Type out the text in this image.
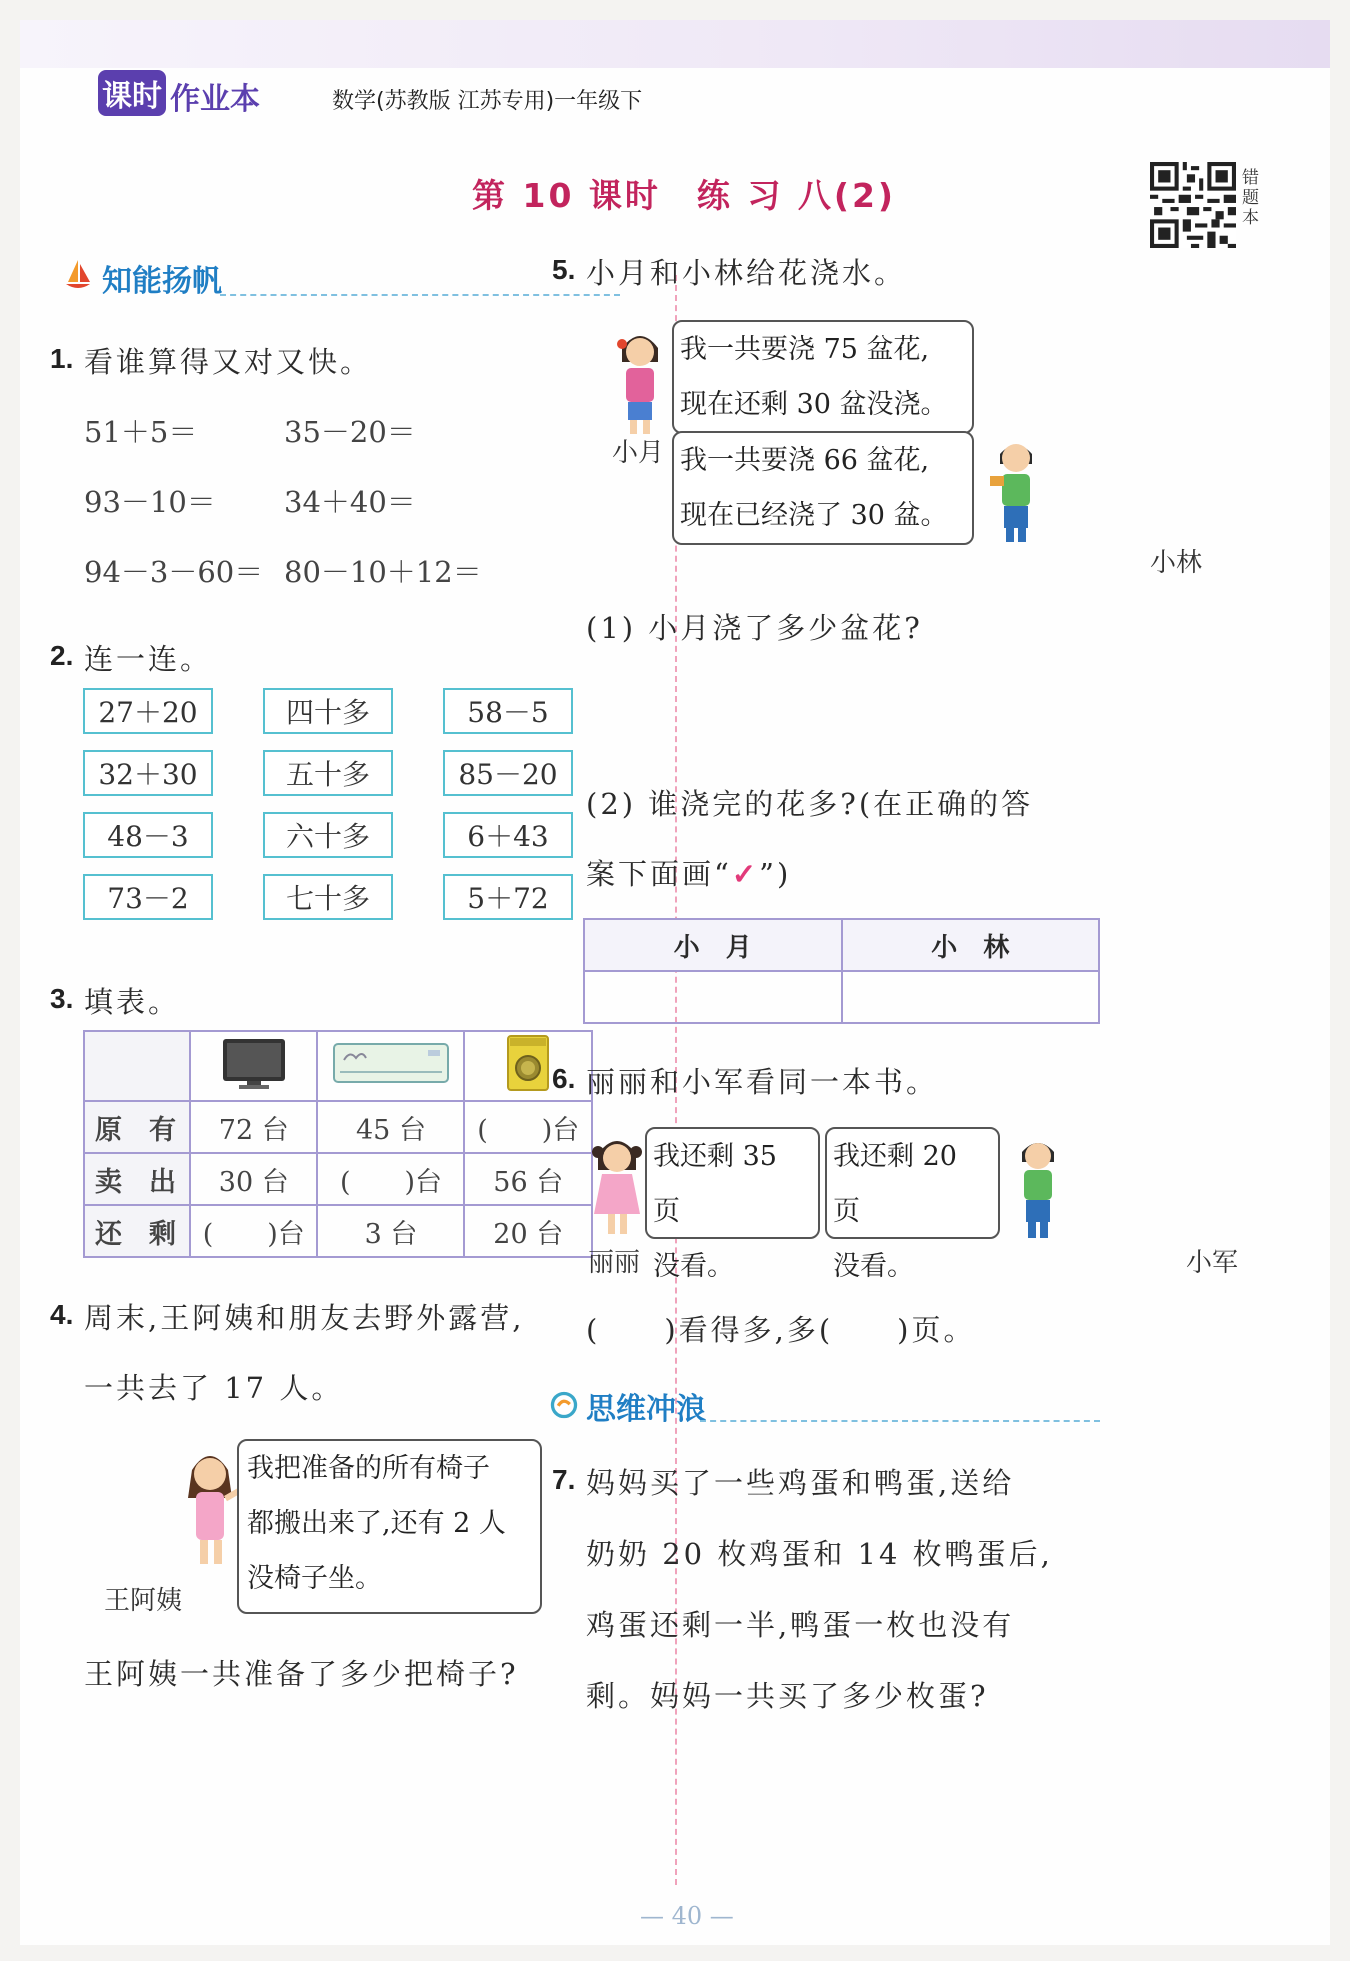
课时 作业本	数学(苏教版 江苏专用)一年级下
第 10 课时　练 习 八(2)	错
题
本
知能扬帆
1. 看谁算得又对又快。
51＋5＝	35－20＝
93－10＝ 34＋40＝
94－3－60＝ 80－10＋12＝
2. 连一连。
27＋20
32＋30
48－3
73－2
四十多
五十多
六十多
七十多
58－5
85－20
6＋43
5＋72
3. 填表。

原　有	72 台	45 台	(　　)台
卖　出	30 台	(　　)台	56 台
还　剩	(　　)台	3 台	20 台
4. 周末,王阿姨和朋友去野外露营,
一共去了 17 人。
我把准备的所有椅子
都搬出来了,还有 2 人
没椅子坐。
王阿姨
王阿姨一共准备了多少把椅子?
5. 小月和小林给花浇水。
我一共要浇 75 盆花,
现在还剩 30 盆没浇。
小月 我一共要浇 66 盆花,
现在已经浇了 30 盆。
小林
(1) 小月浇了多少盆花?
(2) 谁浇完的花多?(在正确的答
案下面画“✓”)
小　月	小　林

6. 丽丽和小军看同一本书。
我还剩 35 页
没看。
我还剩 20 页
没看。
丽丽	小军
(　　)看得多,多(　　)页。
思维冲浪
7. 妈妈买了一些鸡蛋和鸭蛋,送给
奶奶 20 枚鸡蛋和 14 枚鸭蛋后,
鸡蛋还剩一半,鸭蛋一枚也没有
剩。妈妈一共买了多少枚蛋?
— 40 —
